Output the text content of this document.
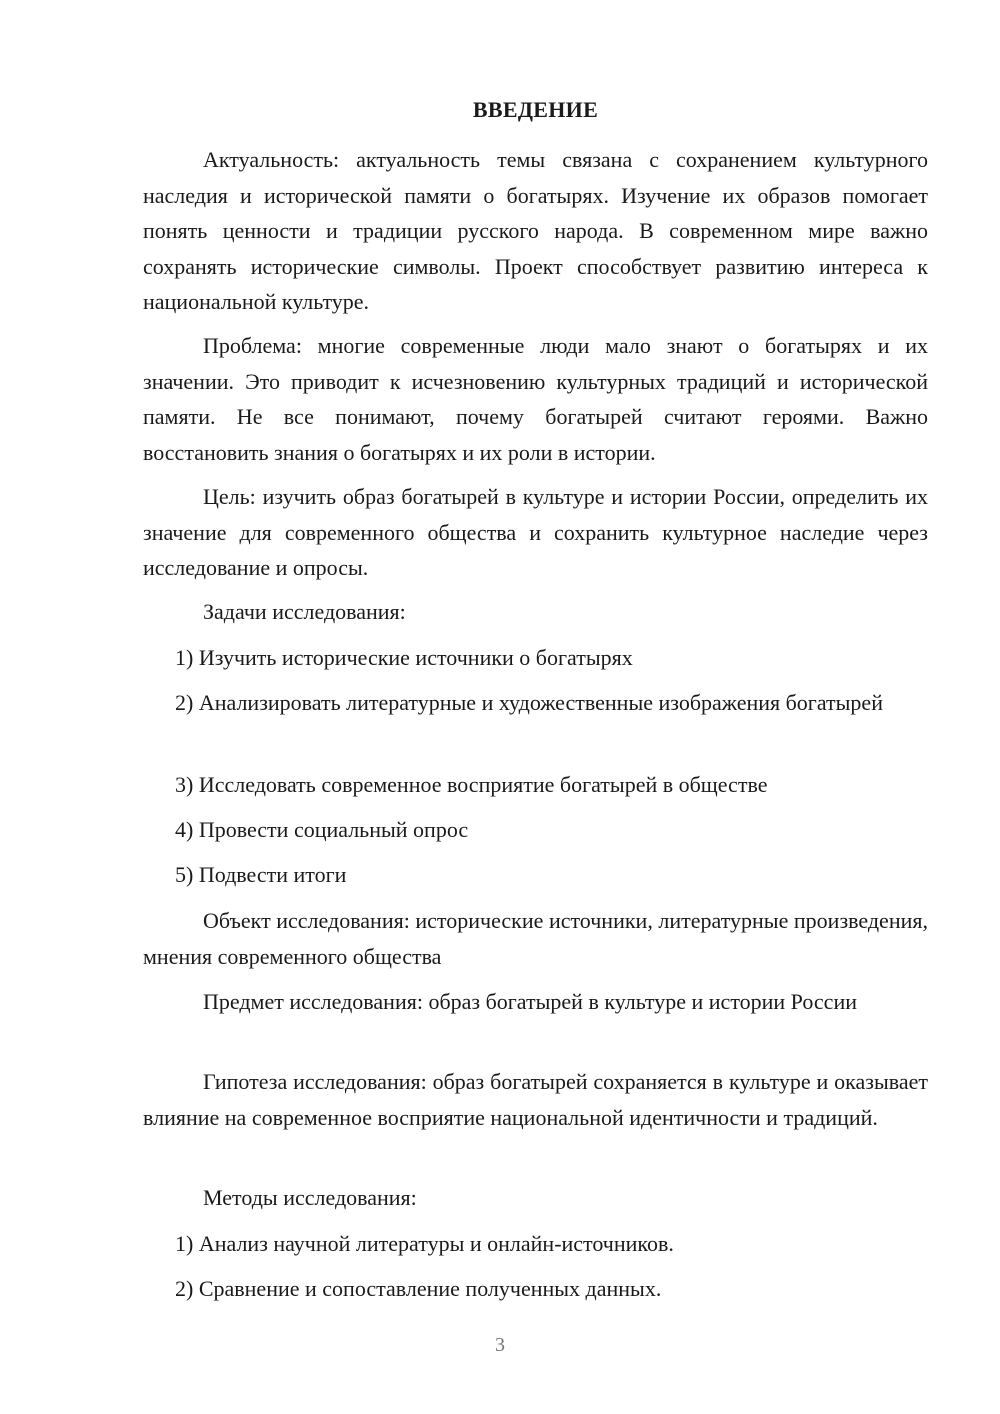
ВВЕДЕНИЕ

Актуальность: актуальность темы связана с сохранением культурного наследия и исторической памяти о богатырях. Изучение их образов помогает понять ценности и традиции русского народа. В современном мире важно сохранять исторические символы. Проект способствует развитию интереса к национальной культуре.

Проблема: многие современные люди мало знают о богатырях и их значении. Это приводит к исчезновению культурных традиций и исторической памяти. Не все понимают, почему богатырей считают героями. Важно восстановить знания о богатырях и их роли в истории.

Цель: изучить образ богатырей в культуре и истории России, определить их значение для современного общества и сохранить культурное наследие через исследование и опросы.

Задачи исследования:

1) Изучить исторические источники о богатырях

2) Анализировать литературные и художественные изображения богатырей

3) Исследовать современное восприятие богатырей в обществе

4) Провести социальный опрос

5) Подвести итоги

Объект исследования: исторические источники, литературные произведения, мнения современного общества

Предмет исследования: образ богатырей в культуре и истории России

Гипотеза исследования: образ богатырей сохраняется в культуре и оказывает влияние на современное восприятие национальной идентичности и традиций.

Методы исследования:

1) Анализ научной литературы и онлайн-источников.

2) Сравнение и сопоставление полученных данных.

3
